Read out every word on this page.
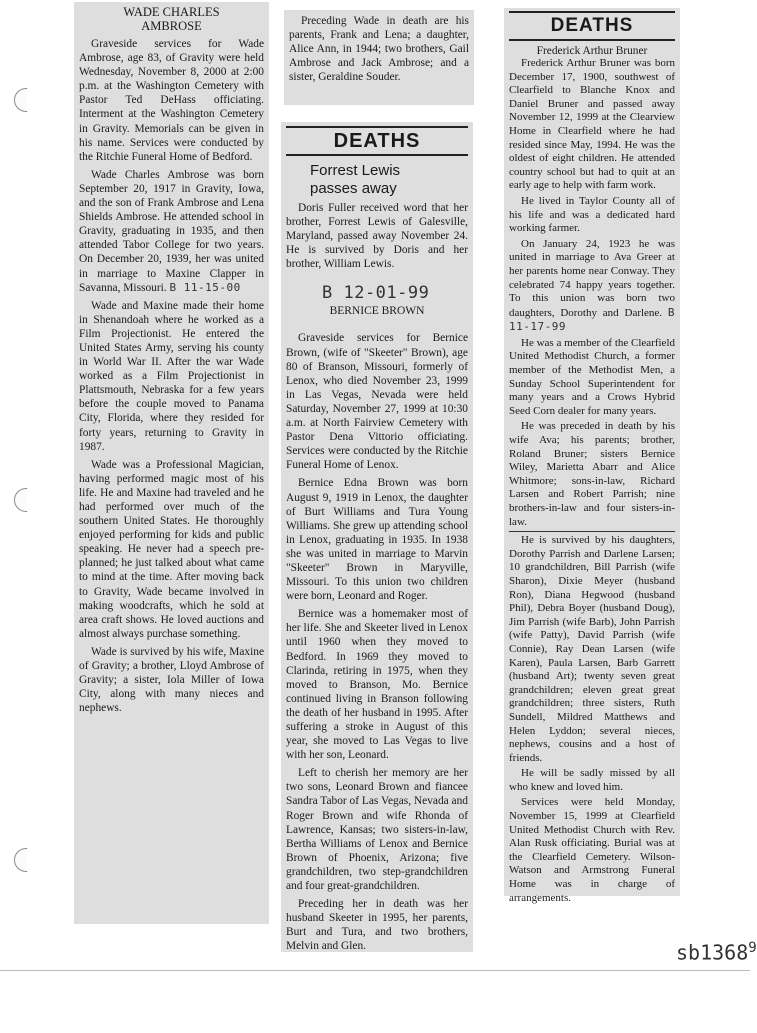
WADE CHARLES
AMBROSE

Graveside services for Wade Ambrose, age 83, of Gravity were held Wednesday, November 8, 2000 at 2:00 p.m. at the Washington Cemetery with Pastor Ted DeHass officiating. Interment at the Washington Cemetery in Gravity. Memorials can be given in his name. Services were conducted by the Ritchie Funeral Home of Bedford.

Wade Charles Ambrose was born September 20, 1917 in Gravity, Iowa, and the son of Frank Ambrose and Lena Shields Ambrose. He attended school in Gravity, graduating in 1935, and then attended Tabor College for two years. On December 20, 1939, her was united in marriage to Maxine Clapper in Savanna, Missouri. B 11-15-00

Wade and Maxine made their home in Shenandoah where he worked as a Film Projectionist. He entered the United States Army, serving his county in World War II. After the war Wade worked as a Film Projectionist in Plattsmouth, Nebraska for a few years before the couple moved to Panama City, Florida, where they resided for forty years, returning to Gravity in 1987.

Wade was a Professional Magician, having performed magic most of his life. He and Maxine had traveled and he had performed over much of the southern United States. He thoroughly enjoyed performing for kids and public speaking. He never had a speech pre-planned; he just talked about what came to mind at the time. After moving back to Gravity, Wade became involved in making woodcrafts, which he sold at area craft shows. He loved auctions and almost always purchase something.

Wade is survived by his wife, Maxine of Gravity; a brother, Lloyd Ambrose of Gravity; a sister, Iola Miller of Iowa City, along with many nieces and nephews.

Preceding Wade in death are his parents, Frank and Lena; a daughter, Alice Ann, in 1944; two brothers, Gail Ambrose and Jack Ambrose; and a sister, Geraldine Souder.

DEATHS
Forrest Lewis
passes away

Doris Fuller received word that her brother, Forrest Lewis of Galesville, Maryland, passed away November 24. He is survived by Doris and her brother, William Lewis.

B 12-01-99
BERNICE BROWN

Graveside services for Bernice Brown, (wife of "Skeeter" Brown), age 80 of Branson, Missouri, formerly of Lenox, who died November 23, 1999 in Las Vegas, Nevada were held Saturday, November 27, 1999 at 10:30 a.m. at North Fairview Cemetery with Pastor Dena Vittorio officiating. Services were conducted by the Ritchie Funeral Home of Lenox.

Bernice Edna Brown was born August 9, 1919 in Lenox, the daughter of Burt Williams and Tura Young Williams. She grew up attending school in Lenox, graduating in 1935. In 1938 she was united in marriage to Marvin "Skeeter" Brown in Maryville, Missouri. To this union two children were born, Leonard and Roger.

Bernice was a homemaker most of her life. She and Skeeter lived in Lenox until 1960 when they moved to Bedford. In 1969 they moved to Clarinda, retiring in 1975, when they moved to Branson, Mo. Bernice continued living in Branson following the death of her husband in 1995. After suffering a stroke in August of this year, she moved to Las Vegas to live with her son, Leonard.

Left to cherish her memory are her two sons, Leonard Brown and fiancee Sandra Tabor of Las Vegas, Nevada and Roger Brown and wife Rhonda of Lawrence, Kansas; two sisters-in-law, Bertha Williams of Lenox and Bernice Brown of Phoenix, Arizona; five grandchildren, two step-grandchildren and four great-grandchildren.

Preceding her in death was her husband Skeeter in 1995, her parents, Burt and Tura, and two brothers, Melvin and Glen.

DEATHS
Frederick Arthur Bruner

Frederick Arthur Bruner was born December 17, 1900, southwest of Clearfield to Blanche Knox and Daniel Bruner and passed away November 12, 1999 at the Clearview Home in Clearfield where he had resided since May, 1994. He was the oldest of eight children. He attended country school but had to quit at an early age to help with farm work.

He lived in Taylor County all of his life and was a dedicated hard working farmer.

On January 24, 1923 he was united in marriage to Ava Greer at her parents home near Conway. They celebrated 74 happy years together. To this union was born two daughters, Dorothy and Darlene. B 11-17-99

He was a member of the Clearfield United Methodist Church, a former member of the Methodist Men, a Sunday School Superintendent for many years and a Crows Hybrid Seed Corn dealer for many years.

He was preceded in death by his wife Ava; his parents; brother, Roland Bruner; sisters Bernice Wiley, Marietta Abarr and Alice Whitmore; sons-in-law, Richard Larsen and Robert Parrish; nine brothers-in-law and four sisters-in-law.

He is survived by his daughters, Dorothy Parrish and Darlene Larsen; 10 grandchildren, Bill Parrish (wife Sharon), Dixie Meyer (husband Ron), Diana Hegwood (husband Phil), Debra Boyer (husband Doug), Jim Parrish (wife Barb), John Parrish (wife Patty), David Parrish (wife Connie), Ray Dean Larsen (wife Karen), Paula Larsen, Barb Garrett (husband Art); twenty seven great grandchildren; eleven great great grandchildren; three sisters, Ruth Sundell, Mildred Matthews and Helen Lyddon; several nieces, nephews, cousins and a host of friends.

He will be sadly missed by all who knew and loved him.

Services were held Monday, November 15, 1999 at Clearfield United Methodist Church with Rev. Alan Rusk officiating. Burial was at the Clearfield Cemetery. Wilson-Watson and Armstrong Funeral Home was in charge of arrangements.

sb1368$^9$
